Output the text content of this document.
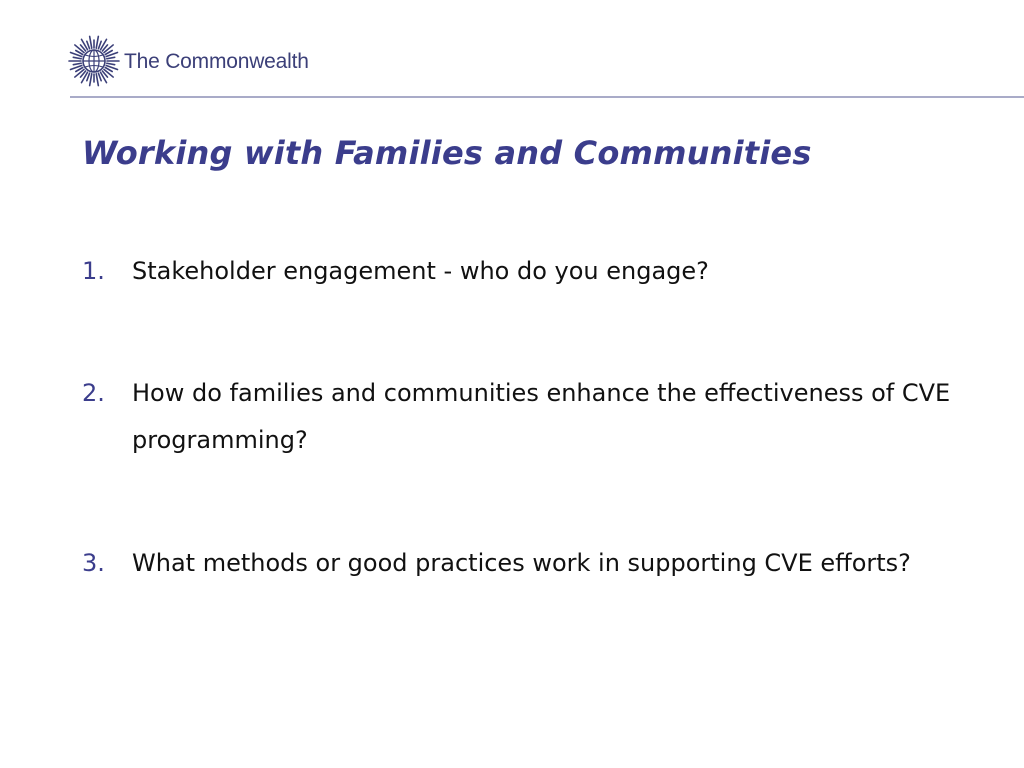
The Commonwealth
Working with Families and Communities
1.	Stakeholder engagement - who do you engage?
2.	How do families and communities enhance the effectiveness of CVE programming?
3.	What methods or good practices work in supporting CVE efforts?
